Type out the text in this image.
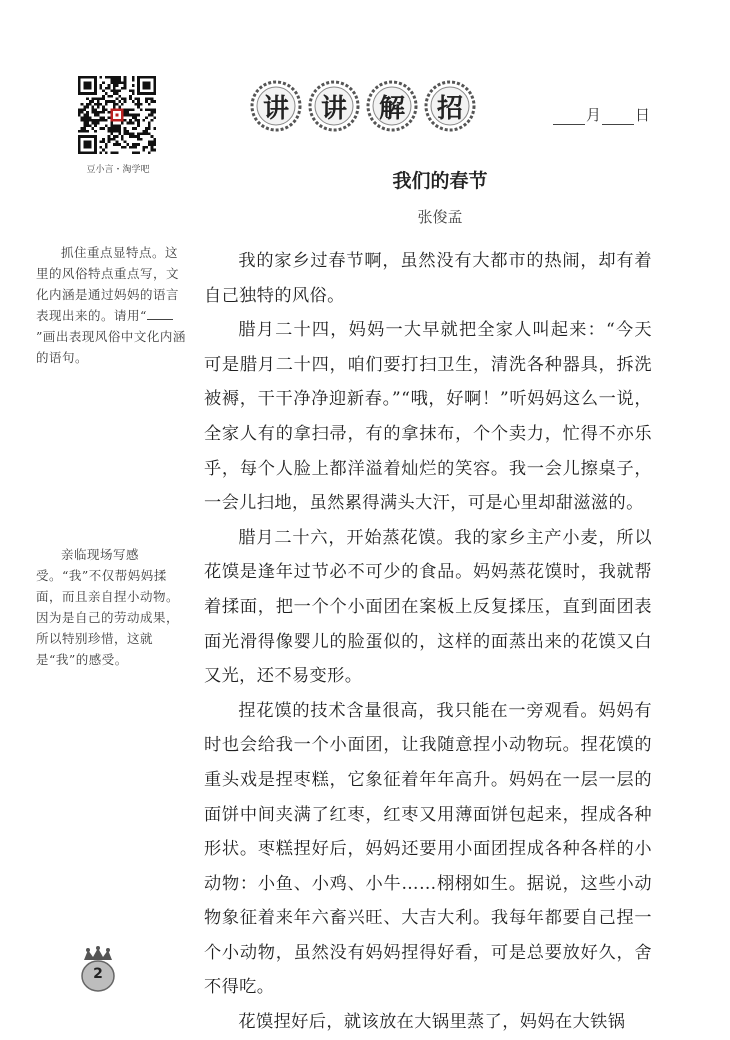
豆小言・淘学吧
讲	讲	解	招	月 日
我们的春节
张俊孟
抓住重点显特点。这里的风俗特点重点写，文化内涵是通过妈妈的语言表现出来的。请用“”画出表现风俗中文化内涵的语句。
亲临现场写感受。“我”不仅帮妈妈揉面，而且亲自捏小动物。因为是自己的劳动成果，所以特别珍惜，这就是“我”的感受。

我的家乡过春节啊，虽然没有大都市的热闹，却有着自己独特的风俗。

腊月二十四，妈妈一大早就把全家人叫起来：“今天可是腊月二十四，咱们要打扫卫生，清洗各种器具，拆洗被褥，干干净净迎新春。”“哦，好啊！”听妈妈这么一说，全家人有的拿扫帚，有的拿抹布，个个卖力，忙得不亦乐乎，每个人脸上都洋溢着灿烂的笑容。我一会儿擦桌子，一会儿扫地，虽然累得满头大汗，可是心里却甜滋滋的。

腊月二十六，开始蒸花馍。我的家乡主产小麦，所以花馍是逢年过节必不可少的食品。妈妈蒸花馍时，我就帮着揉面，把一个个小面团在案板上反复揉压，直到面团表面光滑得像婴儿的脸蛋似的，这样的面蒸出来的花馍又白又光，还不易变形。

捏花馍的技术含量很高，我只能在一旁观看。妈妈有时也会给我一个小面团，让我随意捏小动物玩。捏花馍的重头戏是捏枣糕，它象征着年年高升。妈妈在一层一层的面饼中间夹满了红枣，红枣又用薄面饼包起来，捏成各种形状。枣糕捏好后，妈妈还要用小面团捏成各种各样的小动物：小鱼、小鸡、小牛……栩栩如生。据说，这些小动物象征着来年六畜兴旺、大吉大利。我每年都要自己捏一个小动物，虽然没有妈妈捏得好看，可是总要放好久，舍不得吃。

花馍捏好后，就该放在大锅里蒸了，妈妈在大铁锅

2
